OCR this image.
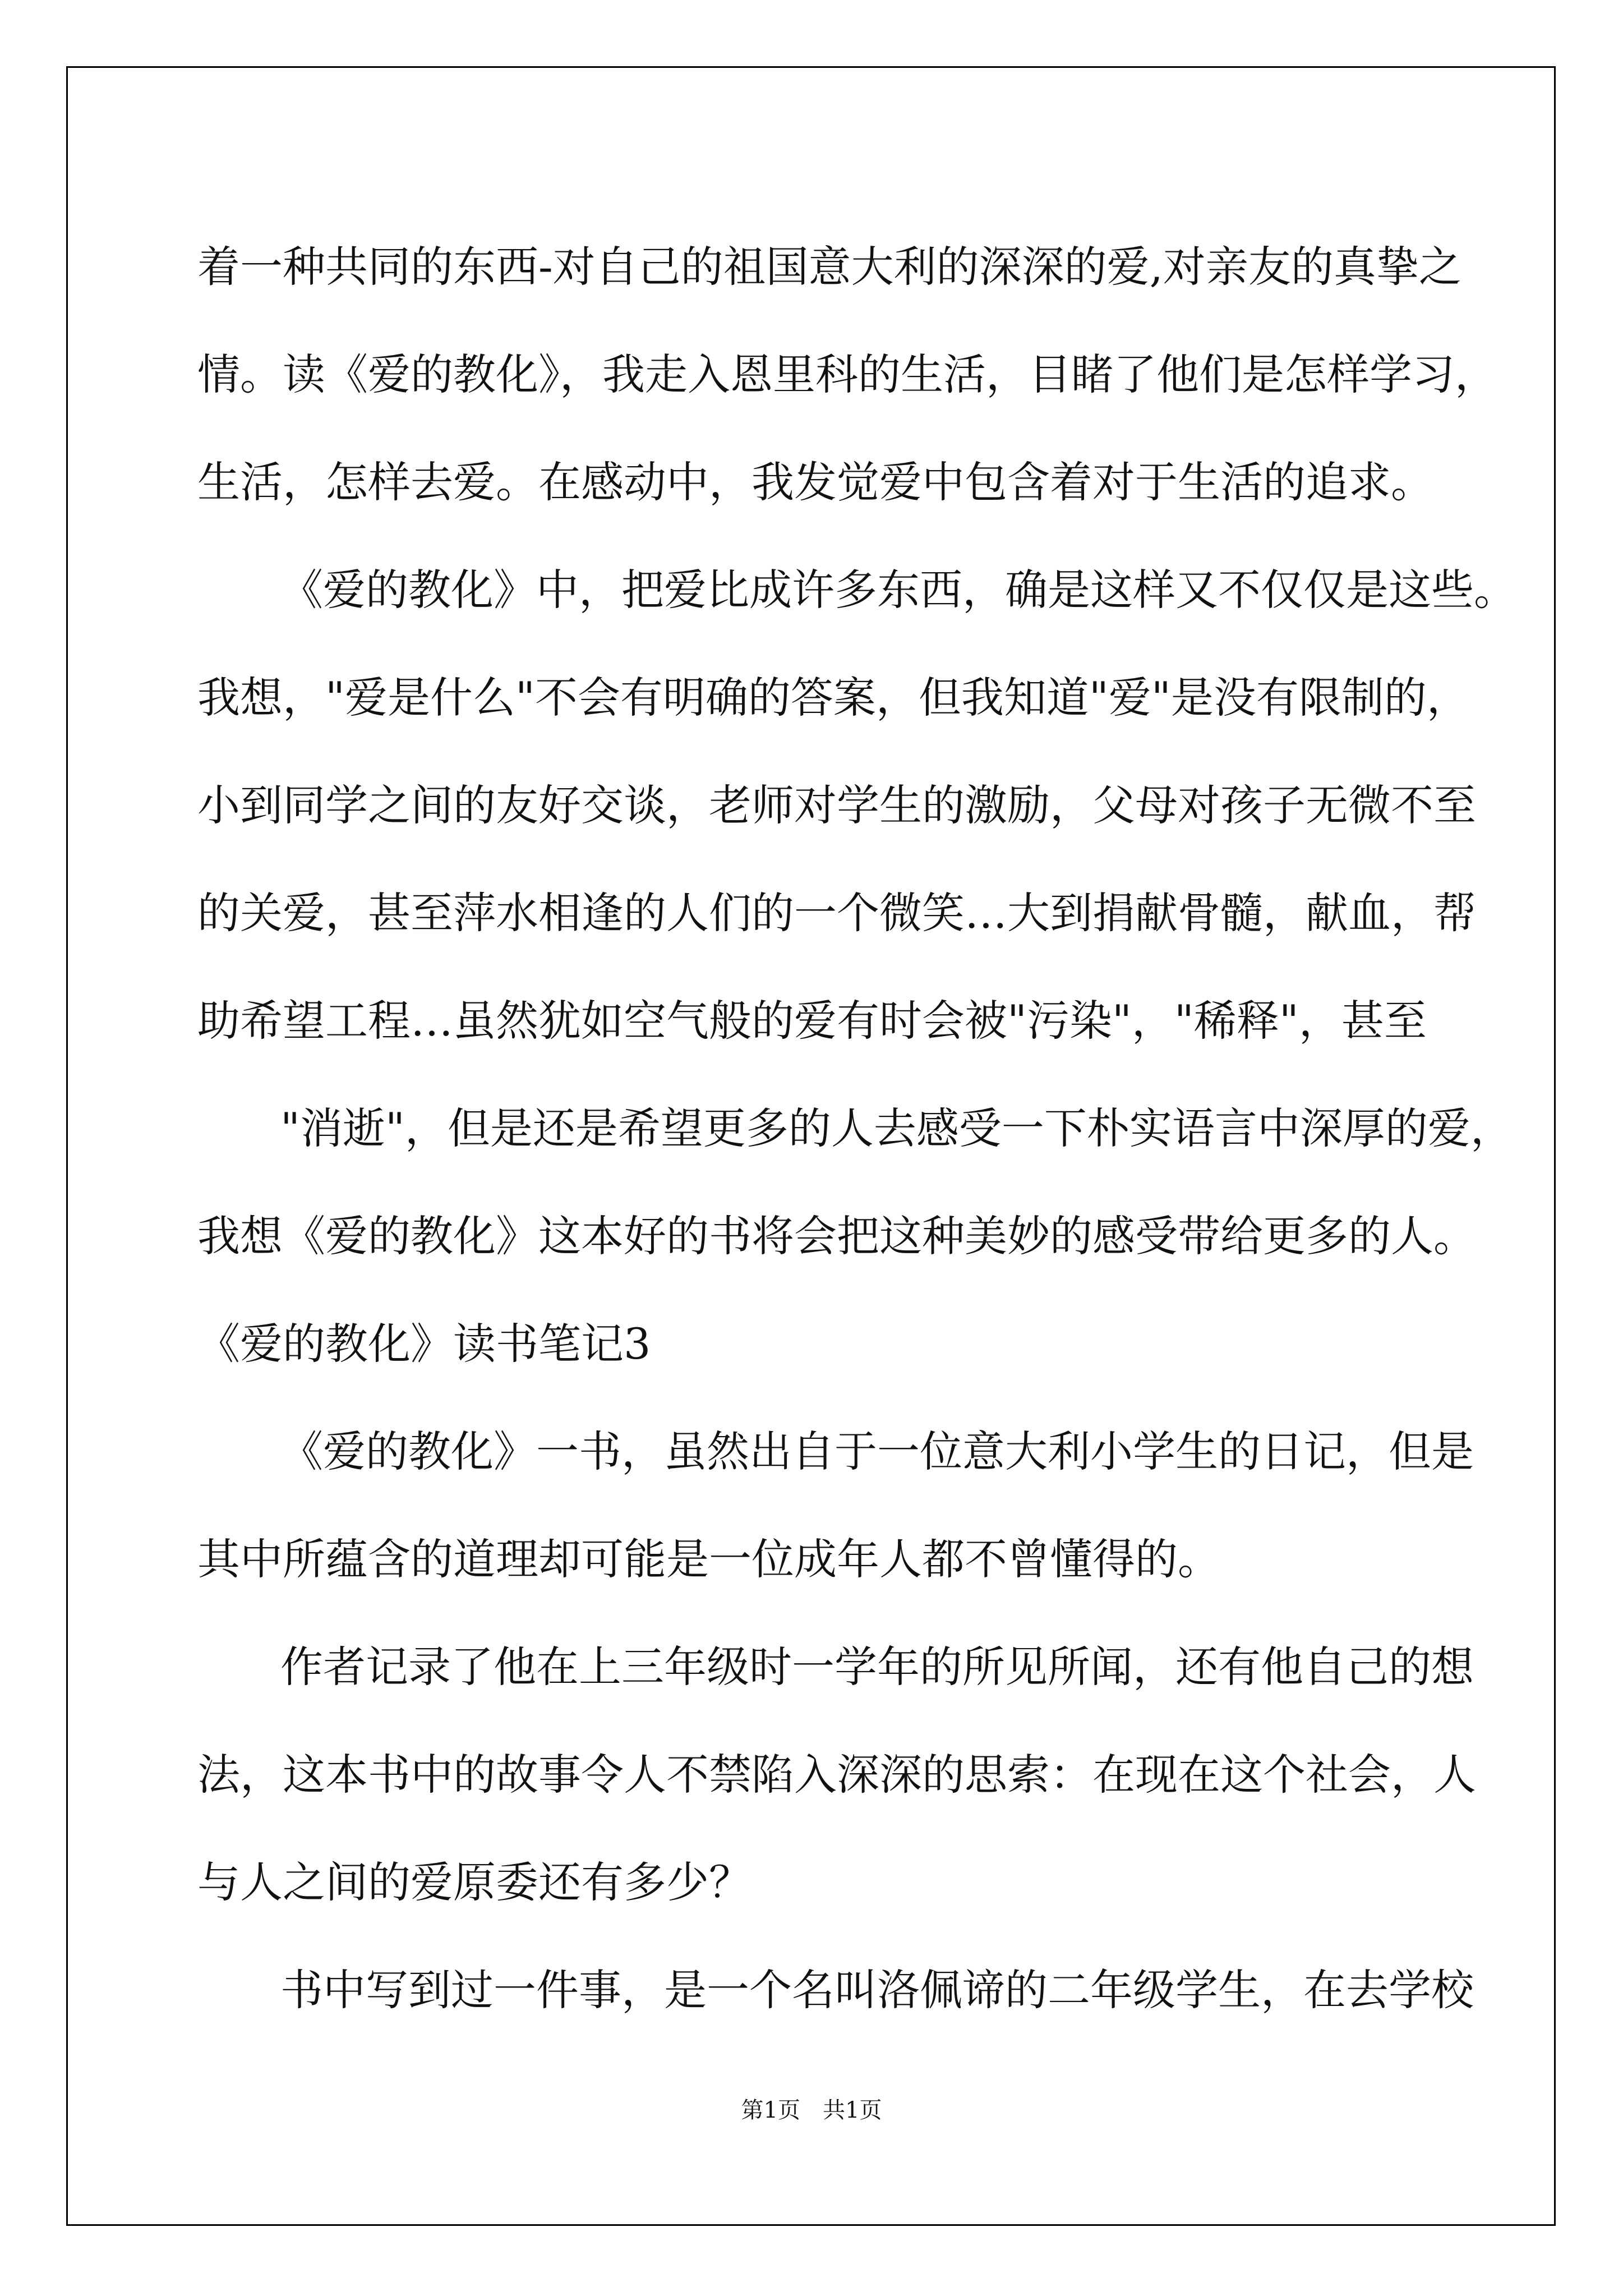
着一种共同的东西-对自己的祖国意大利的深深的爱,对亲友的真挚之
情。读《爱的教化》，我走入恩里科的生活，目睹了他们是怎样学习，
生活，怎样去爱。在感动中，我发觉爱中包含着对于生活的追求。
《爱的教化》中，把爱比成许多东西，确是这样又不仅仅是这些。
我想，"爱是什么"不会有明确的答案，但我知道"爱"是没有限制的，
小到同学之间的友好交谈，老师对学生的激励，父母对孩子无微不至
的关爱，甚至萍水相逢的人们的一个微笑…大到捐献骨髓，献血，帮
助希望工程…虽然犹如空气般的爱有时会被"污染"，"稀释"，甚至
"消逝"，但是还是希望更多的人去感受一下朴实语言中深厚的爱，
我想《爱的教化》这本好的书将会把这种美妙的感受带给更多的人。
《爱的教化》读书笔记3
《爱的教化》一书，虽然出自于一位意大利小学生的日记，但是
其中所蕴含的道理却可能是一位成年人都不曾懂得的。
作者记录了他在上三年级时一学年的所见所闻，还有他自己的想
法，这本书中的故事令人不禁陷入深深的思索：在现在这个社会，人
与人之间的爱原委还有多少？
书中写到过一件事，是一个名叫洛佩谛的二年级学生，在去学校
第1页 共1页
